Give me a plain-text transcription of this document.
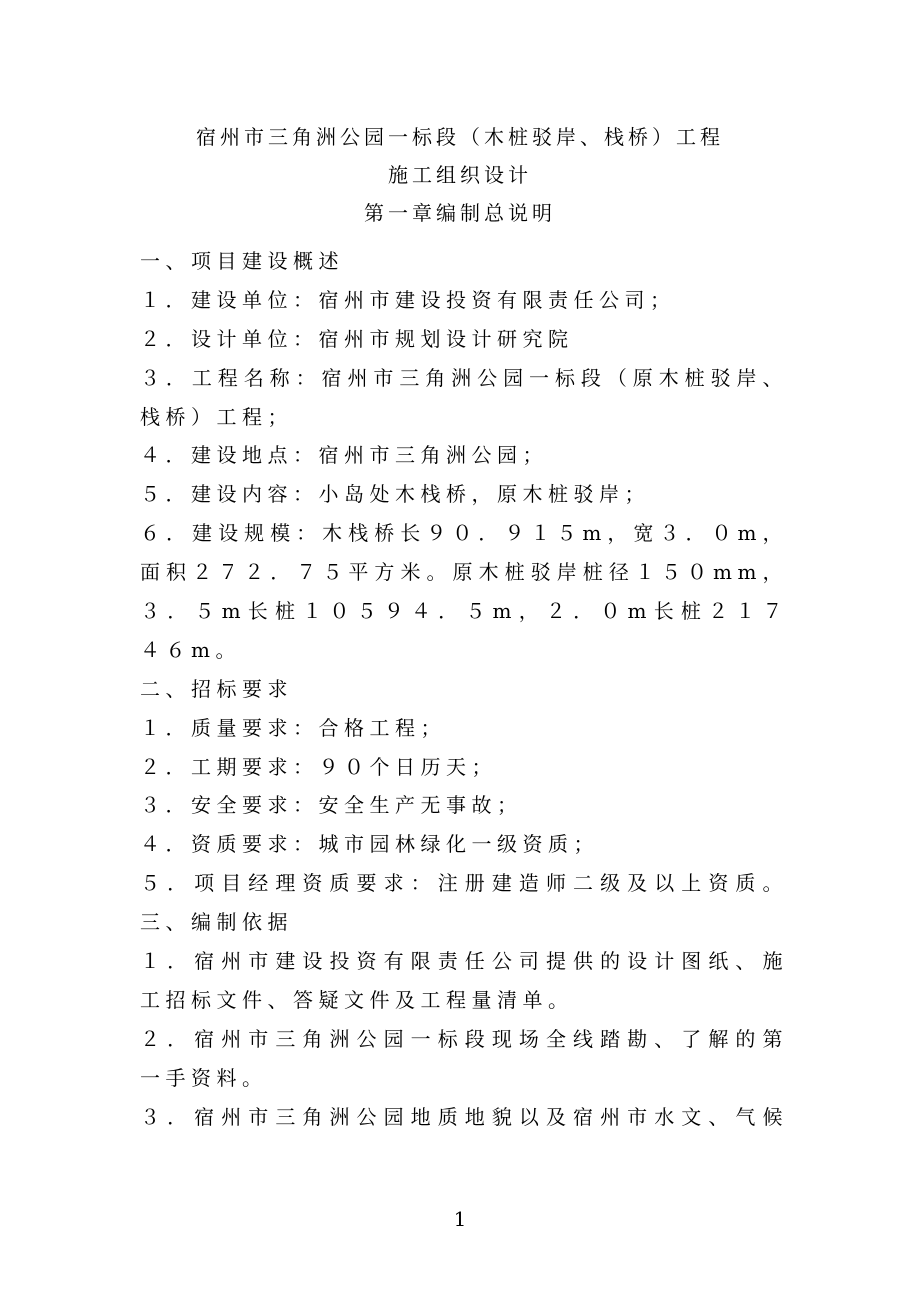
宿州市三角洲公园一标段（木桩驳岸、栈桥）工程
施工组织设计
第一章编制总说明
一、项目建设概述
１．建设单位：宿州市建设投资有限责任公司；
２．设计单位：宿州市规划设计研究院
３．工程名称：宿州市三角洲公园一标段（原木桩驳岸、
栈桥）工程；
４．建设地点：宿州市三角洲公园；
５．建设内容：小岛处木栈桥，原木桩驳岸；
６．建设规模：木栈桥长９０．９１５m，宽３．０m，
面积２７２．７５平方米。原木桩驳岸桩径１５０mm，
３．５m长桩１０５９４．５m，２．０m长桩２１７
４６m。
二、招标要求
１．质量要求：合格工程；
２．工期要求：９０个日历天；
３．安全要求：安全生产无事故；
４．资质要求：城市园林绿化一级资质；
５．项目经理资质要求：注册建造师二级及以上资质。
三、编制依据
１．宿州市建设投资有限责任公司提供的设计图纸、施
工招标文件、答疑文件及工程量清单。
２．宿州市三角洲公园一标段现场全线踏勘、了解的第
一手资料。
３．宿州市三角洲公园地质地貌以及宿州市水文、气候
1
